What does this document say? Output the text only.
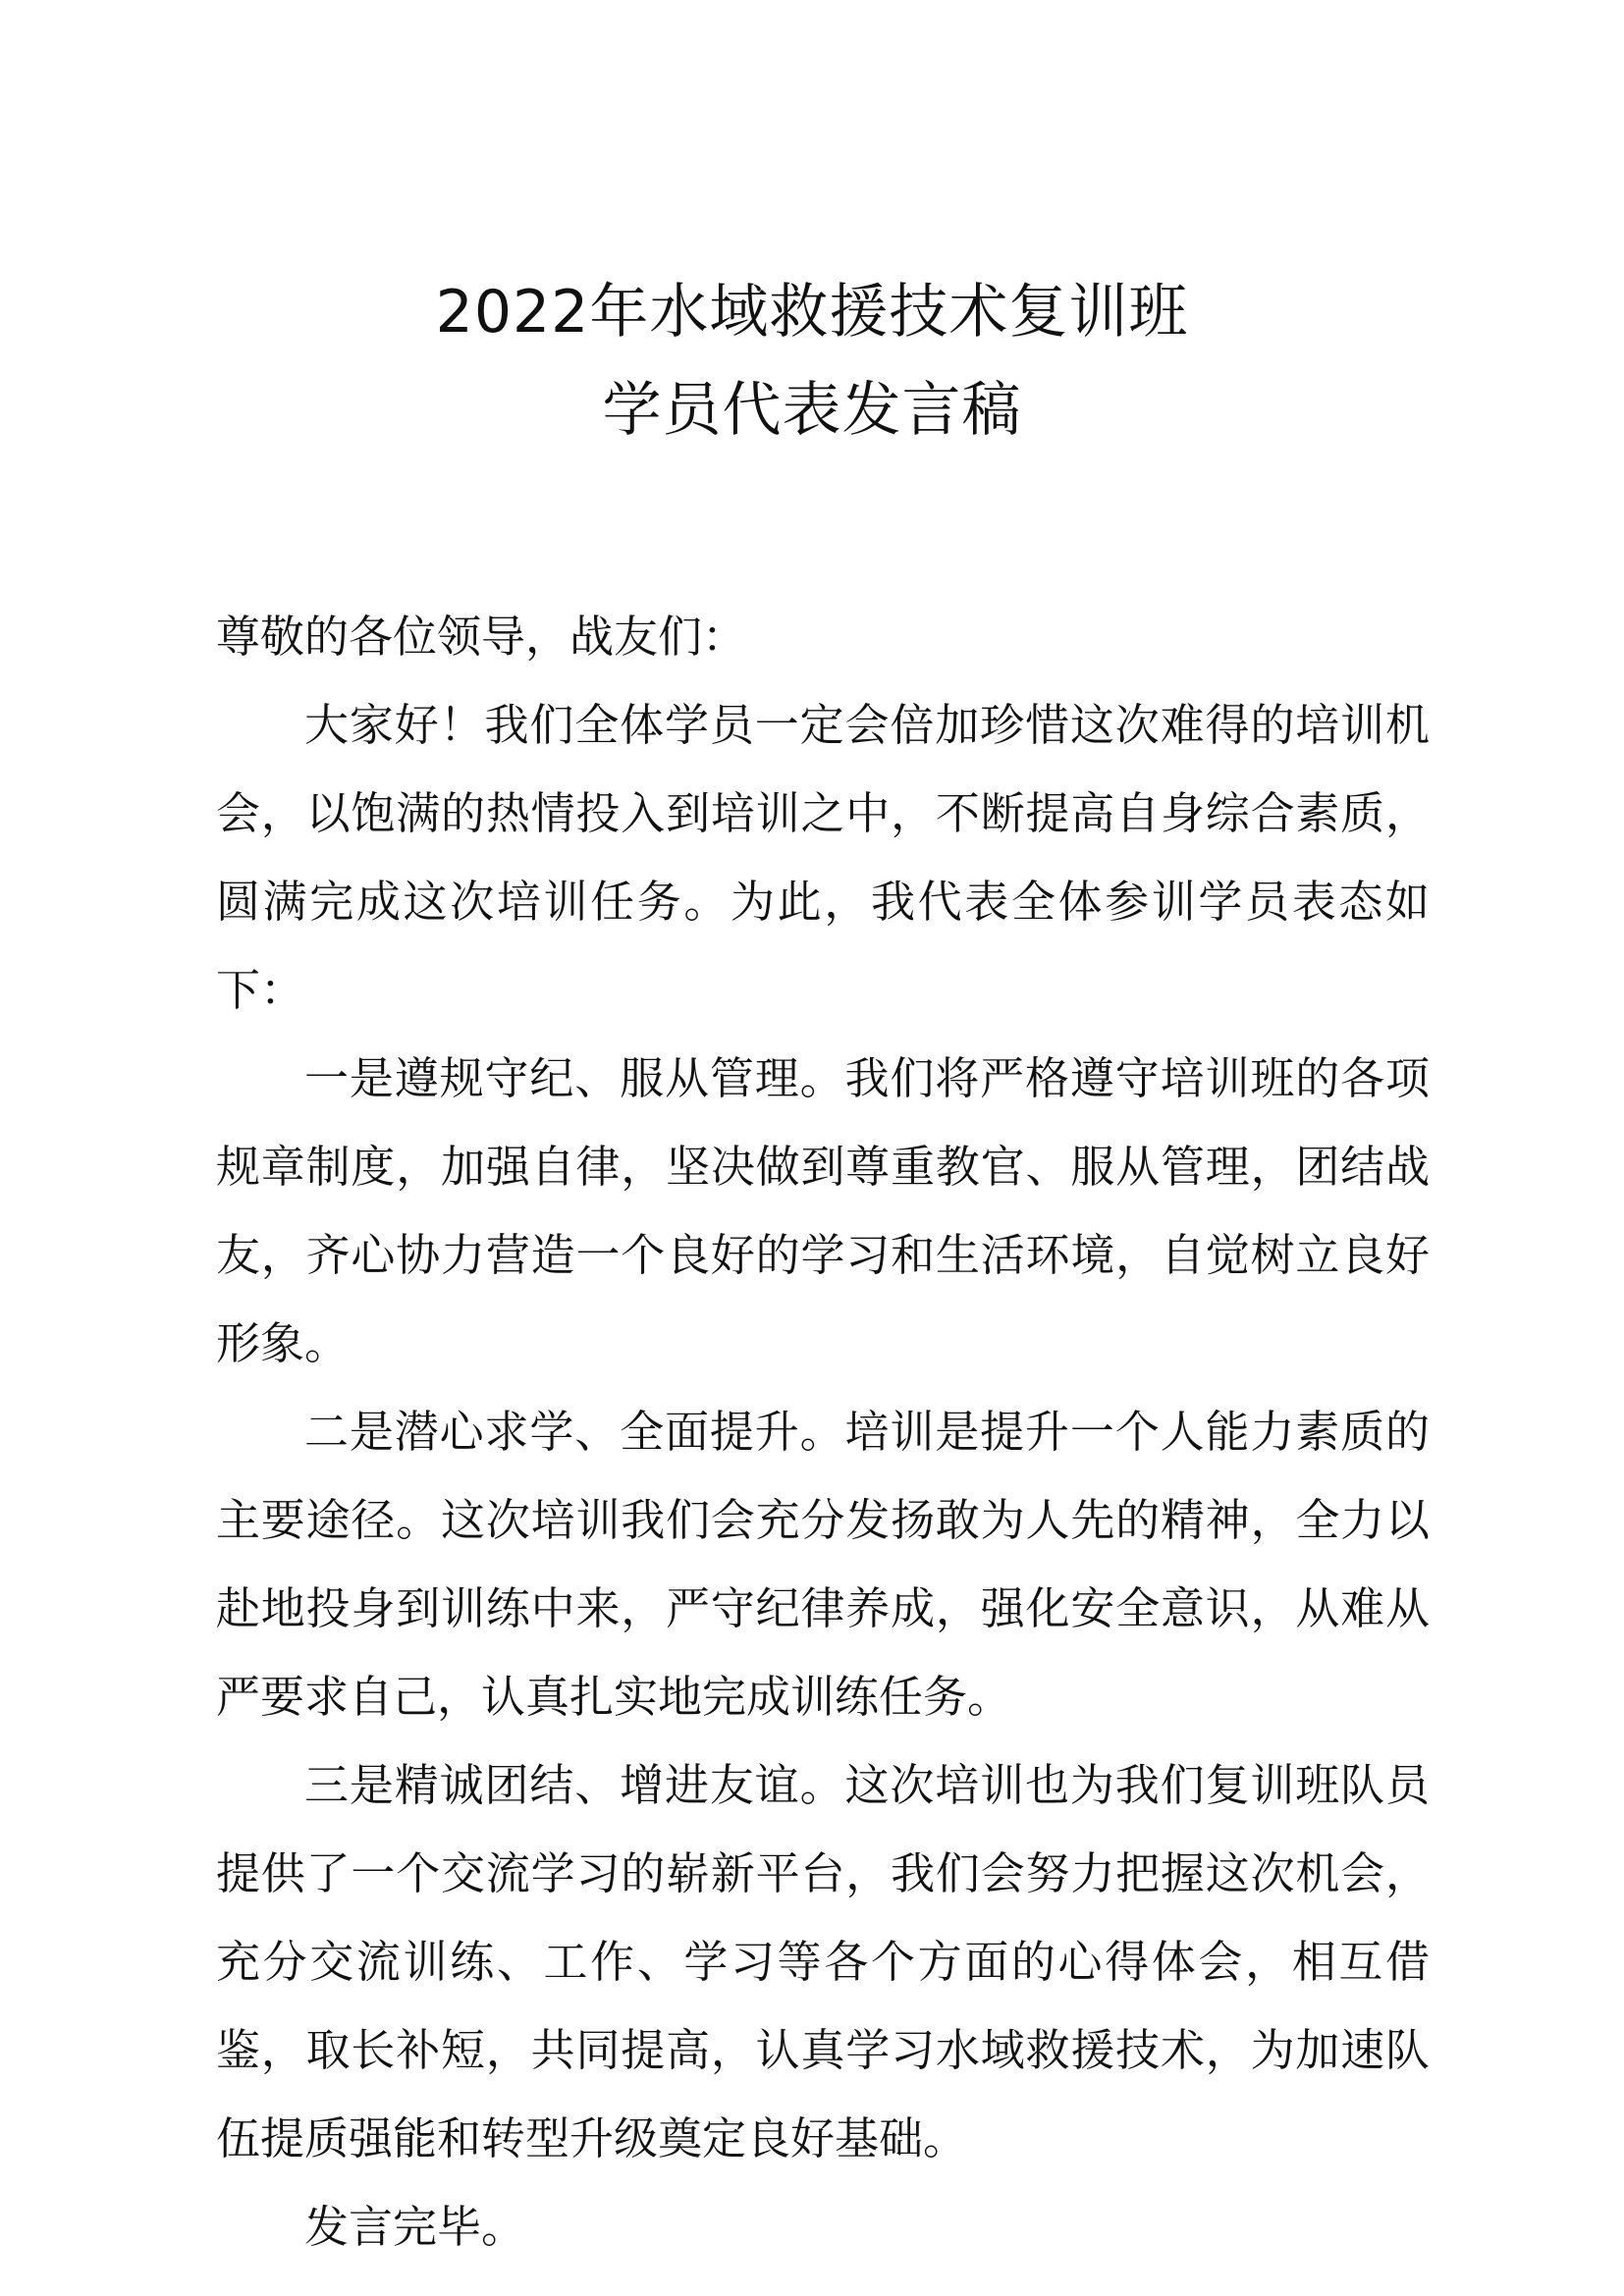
2022年水域救援技术复训班
学员代表发言稿

尊敬的各位领导，战友们：

大家好！我们全体学员一定会倍加珍惜这次难得的培训机会，以饱满的热情投入到培训之中，不断提高自身综合素质，圆满完成这次培训任务。为此，我代表全体参训学员表态如下：

一是遵规守纪、服从管理。我们将严格遵守培训班的各项规章制度，加强自律，坚决做到尊重教官、服从管理，团结战友，齐心协力营造一个良好的学习和生活环境，自觉树立良好形象。

二是潜心求学、全面提升。培训是提升一个人能力素质的主要途径。这次培训我们会充分发扬敢为人先的精神，全力以赴地投身到训练中来，严守纪律养成，强化安全意识，从难从严要求自己，认真扎实地完成训练任务。

三是精诚团结、增进友谊。这次培训也为我们复训班队员提供了一个交流学习的崭新平台，我们会努力把握这次机会，充分交流训练、工作、学习等各个方面的心得体会，相互借鉴，取长补短，共同提高，认真学习水域救援技术，为加速队伍提质强能和转型升级奠定良好基础。

发言完毕。
